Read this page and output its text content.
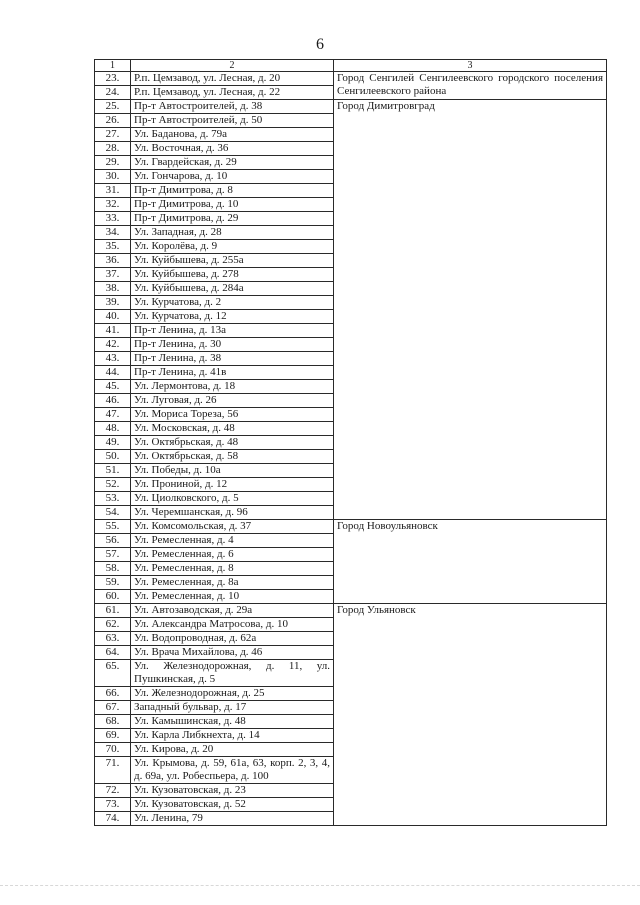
6
1	2	3
23.	Р.п. Цемзавод, ул. Лесная, д. 20	Город Сенгилей Сенгилеевского городского поселения Сенгилеевского района
24.	Р.п. Цемзавод, ул. Лесная, д. 22	
25.	Пр-т Автостроителей, д. 38	Город Димитровград
26.	Пр-т Автостроителей, д. 50	
27.	Ул. Баданова, д. 79а	
28.	Ул. Восточная, д. 36	
29.	Ул. Гвардейская, д. 29	
30.	Ул. Гончарова, д. 10	
31.	Пр-т Димитрова, д. 8	
32.	Пр-т Димитрова, д. 10	
33.	Пр-т Димитрова, д. 29	
34.	Ул. Западная, д. 28	
35.	Ул. Королёва, д. 9	
36.	Ул. Куйбышева, д. 255а	
37.	Ул. Куйбышева, д. 278	
38.	Ул. Куйбышева, д. 284а	
39.	Ул. Курчатова, д. 2	
40.	Ул. Курчатова, д. 12	
41.	Пр-т Ленина, д. 13а	
42.	Пр-т Ленина, д. 30	
43.	Пр-т Ленина, д. 38	
44.	Пр-т Ленина, д. 41в	
45.	Ул. Лермонтова, д. 18	
46.	Ул. Луговая, д. 26	
47.	Ул. Мориса Тореза, 56	
48.	Ул. Московская, д. 48	
49.	Ул. Октябрьская, д. 48	
50.	Ул. Октябрьская, д. 58	
51.	Ул. Победы, д. 10а	
52.	Ул. Прониной, д. 12	
53.	Ул. Циолковского, д. 5	
54.	Ул. Черемшанская, д. 96	
55.	Ул. Комсомольская, д. 37	Город Новоульяновск
56.	Ул. Ремесленная, д. 4	
57.	Ул. Ремесленная, д. 6	
58.	Ул. Ремесленная, д. 8	
59.	Ул. Ремесленная, д. 8а	
60.	Ул. Ремесленная, д. 10	
61.	Ул. Автозаводская, д. 29а	Город Ульяновск
62.	Ул. Александра Матросова, д. 10	
63.	Ул. Водопроводная, д. 62а	
64.	Ул. Врача Михайлова, д. 46	
65.	Ул. Железнодорожная, д. 11, ул. Пушкинская, д. 5	
66.	Ул. Железнодорожная, д. 25	
67.	Западный бульвар, д. 17	
68.	Ул. Камышинская, д. 48	
69.	Ул. Карла Либкнехта, д. 14	
70.	Ул. Кирова, д. 20	
71.	Ул. Крымова, д. 59, 61а, 63, корп. 2, 3, 4, д. 69а, ул. Робеспьера, д. 100	
72.	Ул. Кузоватовская, д. 23	
73.	Ул. Кузоватовская, д. 52	
74.	Ул. Ленина, 79	
